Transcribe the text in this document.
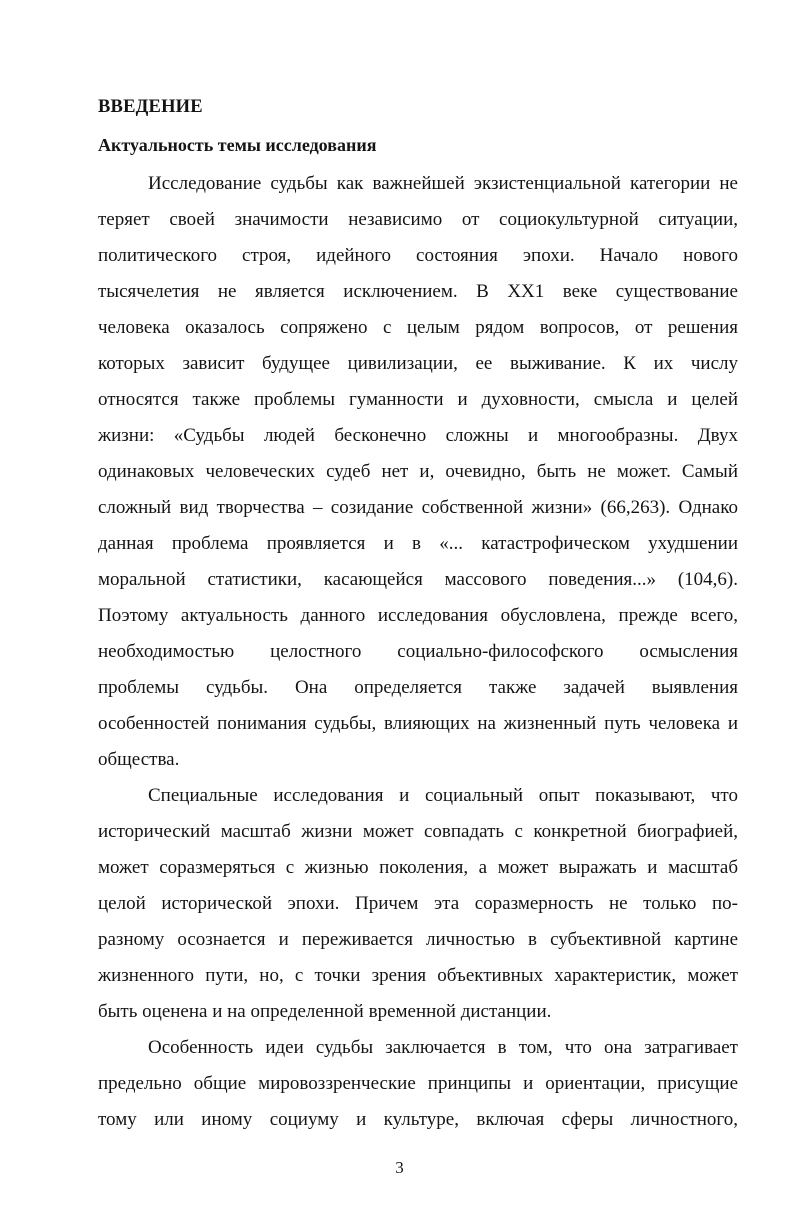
ВВЕДЕНИЕ
Актуальность темы исследования
Исследование судьбы как важнейшей экзистенциальной категории не
теряет своей значимости независимо от социокультурной ситуации,
политического строя, идейного состояния эпохи. Начало нового
тысячелетия не является исключением. В XX1 веке существование
человека оказалось сопряжено с целым рядом вопросов, от решения
которых зависит будущее цивилизации, ее выживание. К их числу
относятся также проблемы гуманности и духовности, смысла и целей
жизни: «Судьбы людей бесконечно сложны и многообразны. Двух
одинаковых человеческих судеб нет и, очевидно, быть не может. Самый
сложный вид творчества – созидание собственной жизни» (66,263). Однако
данная проблема проявляется и в «... катастрофическом ухудшении
моральной статистики, касающейся массового поведения...» (104,6).
Поэтому актуальность данного исследования обусловлена, прежде всего,
необходимостью целостного социально-философского осмысления
проблемы судьбы. Она определяется также задачей выявления
особенностей понимания судьбы, влияющих на жизненный путь человека и
общества.
Специальные исследования и социальный опыт показывают, что
исторический масштаб жизни может совпадать с конкретной биографией,
может соразмеряться с жизнью поколения, а может выражать и масштаб
целой исторической эпохи. Причем эта соразмерность не только по-
разному осознается и переживается личностью в субъективной картине
жизненного пути, но, с точки зрения объективных характеристик, может
быть оценена и на определенной временной дистанции.
Особенность идеи судьбы заключается в том, что она затрагивает
предельно общие мировоззренческие принципы и ориентации, присущие
тому или иному социуму и культуре, включая сферы личностного,
3
